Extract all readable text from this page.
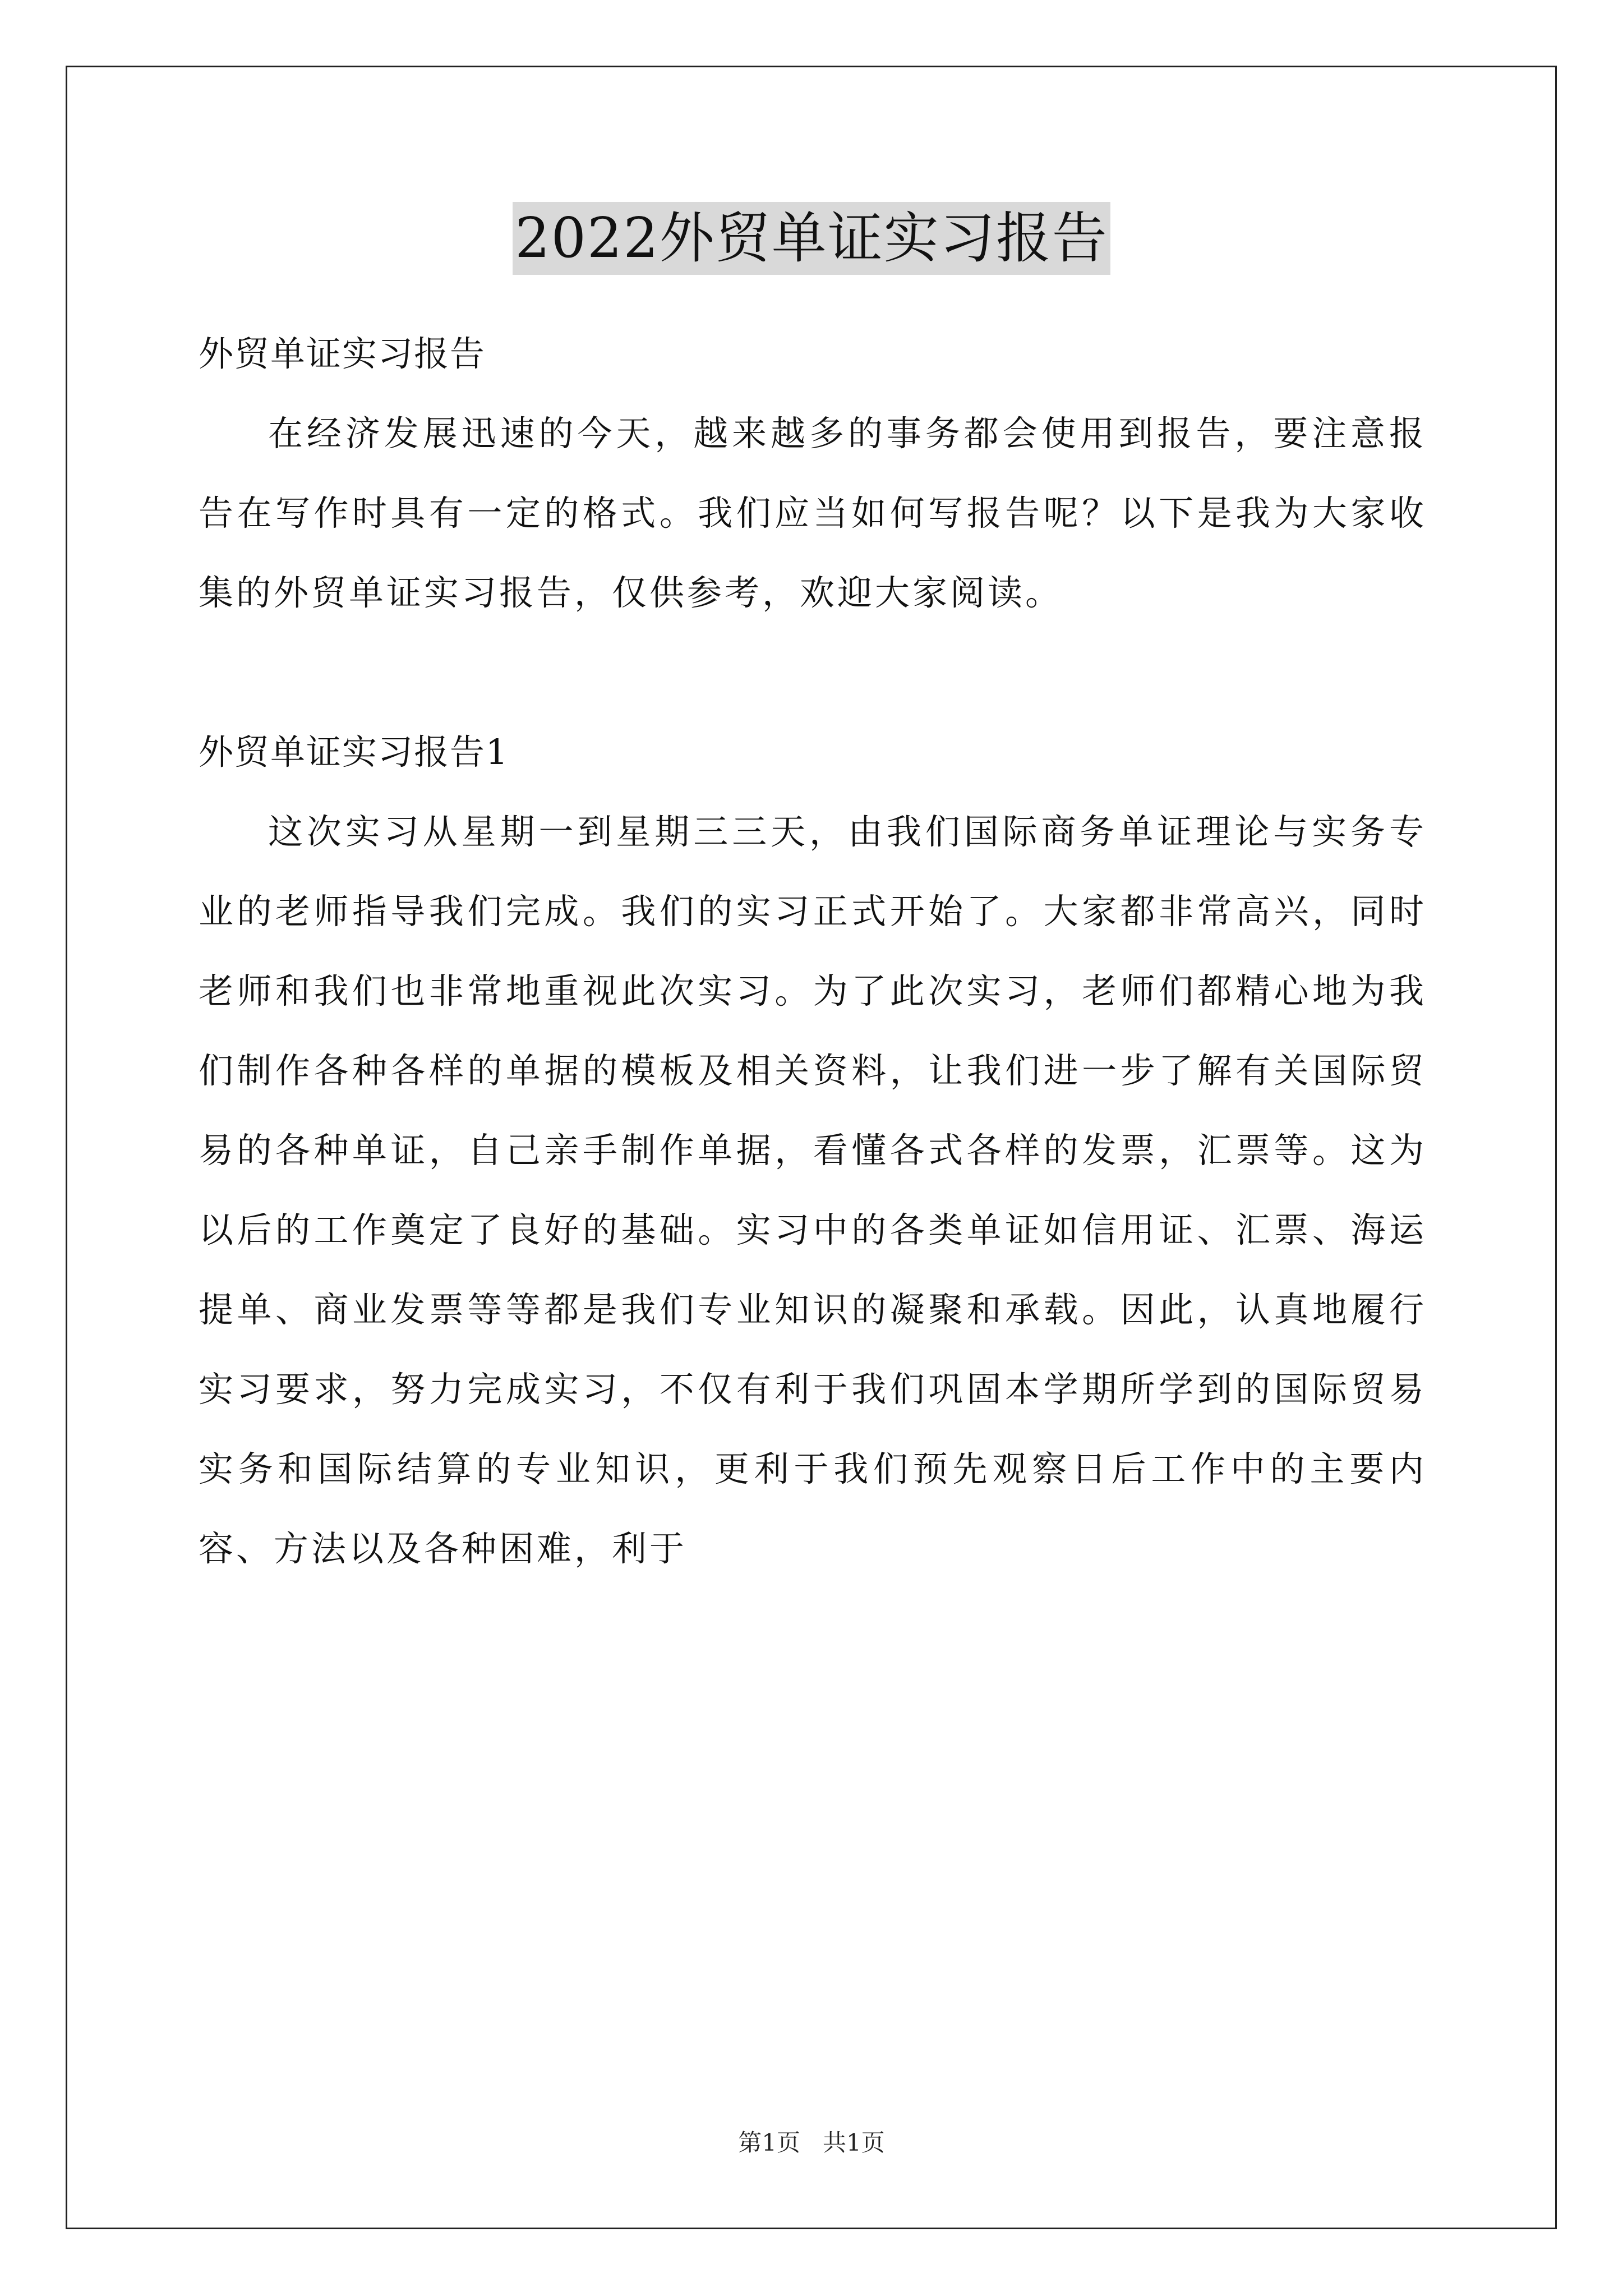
2022外贸单证实习报告

外贸单证实习报告

在经济发展迅速的今天，越来越多的事务都会使用到报告，要注意报告在写作时具有一定的格式。我们应当如何写报告呢？以下是我为大家收集的外贸单证实习报告，仅供参考，欢迎大家阅读。

外贸单证实习报告1

这次实习从星期一到星期三三天，由我们国际商务单证理论与实务专业的老师指导我们完成。我们的实习正式开始了。大家都非常高兴，同时老师和我们也非常地重视此次实习。为了此次实习，老师们都精心地为我们制作各种各样的单据的模板及相关资料，让我们进一步了解有关国际贸易的各种单证，自己亲手制作单据，看懂各式各样的发票，汇票等。这为以后的工作奠定了良好的基础。实习中的各类单证如信用证、汇票、海运提单、商业发票等等都是我们专业知识的凝聚和承载。因此，认真地履行实习要求，努力完成实习，不仅有利于我们巩固本学期所学到的国际贸易实务和国际结算的专业知识，更利于我们预先观察日后工作中的主要内容、方法以及各种困难，利于

第1页 共1页
